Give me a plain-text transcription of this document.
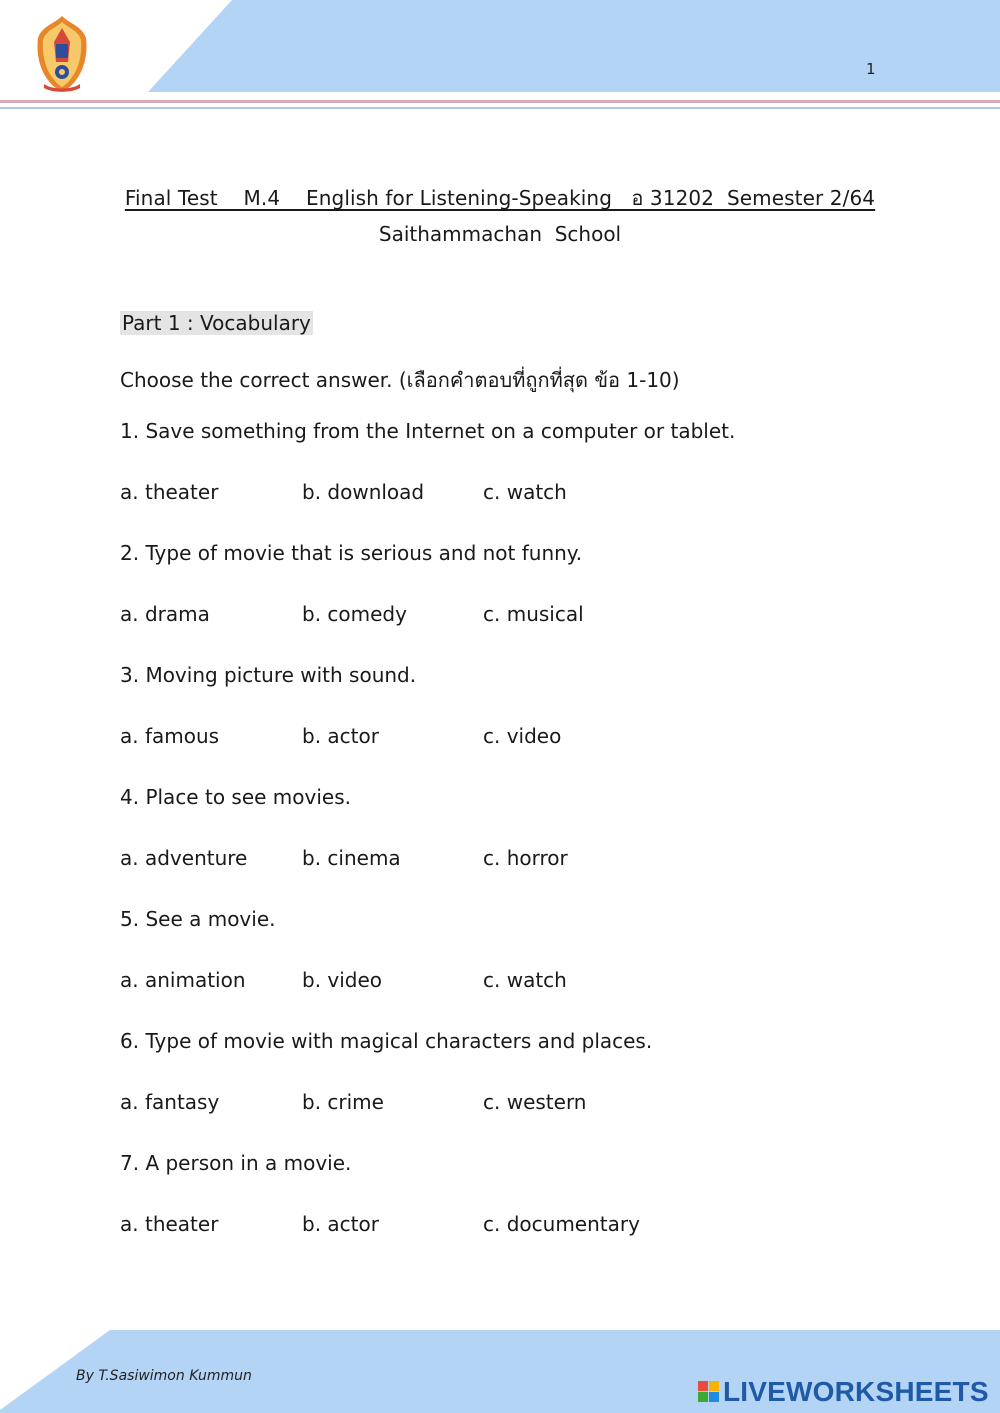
1
Final Test    M.4    English for Listening-Speaking   อ 31202  Semester 2/64
Saithammachan  School
Part 1 : Vocabulary
Choose the correct answer. (เลือกคำตอบที่ถูกที่สุด ข้อ 1-10)
1. Save something from the Internet on a computer or tablet.
a. theater	b. download	c. watch
2. Type of movie that is serious and not funny.
a. drama	b. comedy	c. musical
3. Moving picture with sound.
a. famous	b. actor	c. video
4. Place to see movies.
a. adventure	b. cinema	c. horror
5. See a movie.
a. animation	b. video	c. watch
6. Type of movie with magical characters and places.
a. fantasy	b. crime	c. western
7. A person in a movie.
a. theater	b. actor	c. documentary
By T.Sasiwimon Kummun	LIVEWORKSHEETS
